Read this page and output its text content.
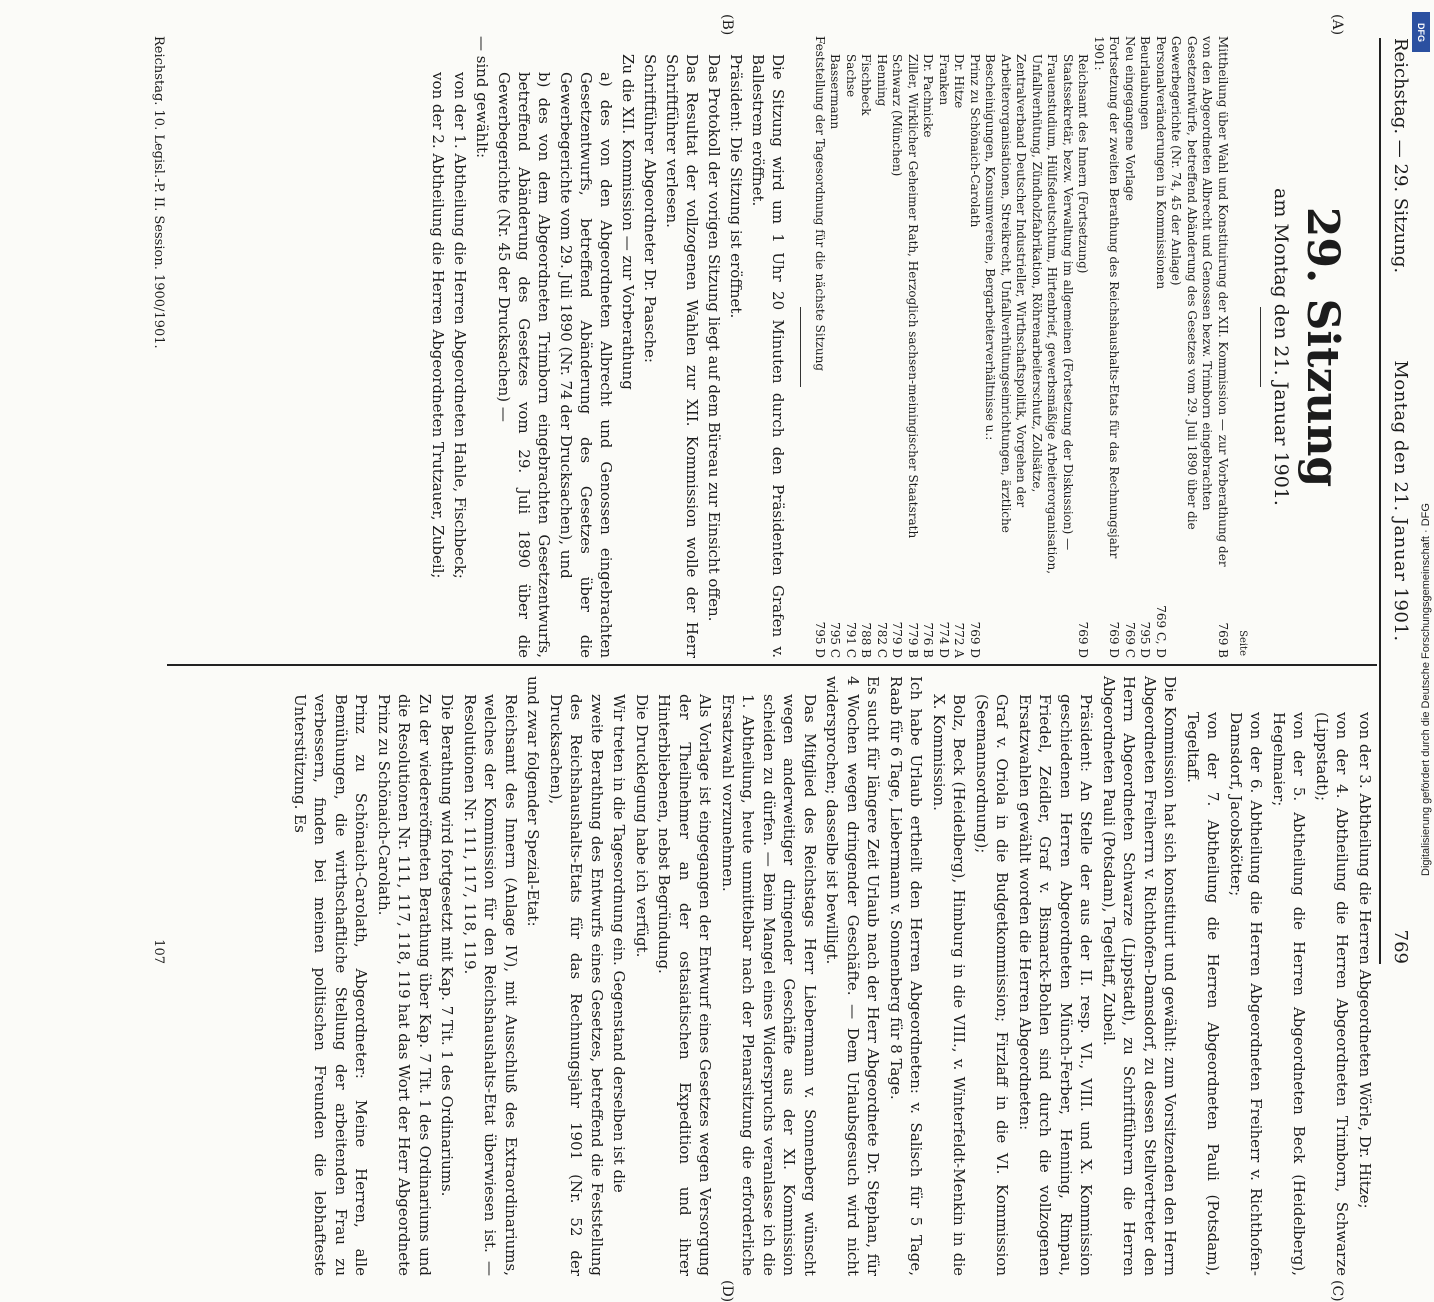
Reichstag. — 29. Sitzung.
Montag den 21. Januar 1901.
769
(A)
(B)
(C)
(D)
29. Sitzung
am Montag den 21. Januar 1901.
Seite
Mittheilung über Wahl und Konstituirung der XII. Kommission — zur Vorberathung der von den Abgeordneten Albrecht und Genossen bezw. Trimborn eingebrachten Gesetzentwürfe, betreffend Abänderung des Gesetzes vom 29. Juli 1890 über die Gewerbegerichte (Nr. 74, 45 der Anlage)
769 B
Personalveränderungen in Kommissionen
769 C, D
Beurlaubungen
795 D
Neu eingegangene Vorlage
769 C
Fortsetzung der zweiten Berathung des Reichshaushalts-Etats für das Rechnungsjahr 1901:
769 D
Reichsamt des Innern (Fortsetzung)
769 D
Staatssekretär, bezw. Verwaltung im allgemeinen (Fortsetzung der Diskussion) — Frauenstudium, Hülfsdeutschtum, Hirtenbrief, gewerbsmäßige Arbeiterorganisation, Unfallverhütung, Zündholzfabrikation, Röhrenarbeiterschutz, Zollsätze, Zentralverband Deutscher Industrieller, Wirthschaftspolitik, Vorgehen der Arbeiterorganisationen, Streikrecht, Unfallverhütungseinrichtungen, ärztliche Bescheinigungen, Konsumvereine, Bergarbeiterverhältnisse u.:
Prinz zu Schönaich-Carolath
769 D
Dr. Hitze
772 A
Franken
774 D
Dr. Pachnicke
776 B
Ziller, Wirklicher Geheimer Rath, Herzoglich sachsen-meiningischer Staatsrath
779 B
Schwarz (München)
779 D
Henning
782 C
Fischbeck
788 B
Sachse
791 C
Bassermann
795 C
Feststellung der Tagesordnung für die nächste Sitzung
795 D

Die Sitzung wird um 1 Uhr 20 Minuten durch den Präsidenten Grafen v. Ballestrem eröffnet.

Präsident: Die Sitzung ist eröffnet.

Das Protokoll der vorigen Sitzung liegt auf dem Büreau zur Einsicht offen.

Das Resultat der vollzogenen Wahlen zur XII. Kommission wolle der Herr Schriftführer verlesen.

Schriftführer Abgeordneter Dr. Paasche:

Zu die XII. Kommission — zur Vorberathung

a) des von den Abgeordneten Albrecht und Genossen eingebrachten Gesetzentwurfs, betreffend Abänderung des Gesetzes über die Gewerbegerichte vom 29. Juli 1890 (Nr. 74 der Drucksachen), und

b) des von dem Abgeordneten Trimborn eingebrachten Gesetzentwurfs, betreffend Abänderung des Gesetzes vom 29. Juli 1890 über die Gewerbegerichte (Nr. 45 der Drucksachen) —

— sind gewählt:

von der 1. Abtheilung die Herren Abgeordneten Hahle, Fischbeck;

von der 2. Abtheilung die Herren Abgeordneten Trutzauer, Zubeil;

von der 3. Abtheilung die Herren Abgeordneten Wörle, Dr. Hitze;

von der 4. Abtheilung die Herren Abgeordneten Trimborn, Schwarze (Lippstadt);

von der 5. Abtheilung die Herren Abgeordneten Beck (Heidelberg), Hegelmaier;

von der 6. Abtheilung die Herren Abgeordneten Freiherr v. Richthofen-Damsdorf, Jacobskötter;

von der 7. Abtheilung die Herren Abgeordneten Pauli (Potsdam), Tegeltaff.

Die Kommission hat sich konstituirt und gewählt: zum Vorsitzenden den Herrn Abgeordneten Freiherrn v. Richthofen-Damsdorf, zu dessen Stellvertreter den Herrn Abgeordneten Schwarze (Lippstadt), zu Schriftführern die Herren Abgeordneten Pauli (Potsdam), Tegeltaff, Zubeil.

Präsident: An Stelle der aus der II. resp. VI., VIII. und X. Kommission geschiedenen Herren Abgeordneten Münch-Ferber, Henning, Rimpau, Friedel, Zeidler, Graf v. Bismarck-Bohlen sind durch die vollzogenen Ersatzwahlen gewählt worden die Herren Abgeordneten:

Graf v. Oriola in die Budgetkommission; Firzlaff in die VI. Kommission (Seemannsordnung);

Bolz, Beck (Heidelberg), Himburg in die VIII., v. Winterfeldt-Menkin in die X. Kommission.

Ich habe Urlaub ertheilt den Herren Abgeordneten: v. Salisch für 5 Tage, Raab für 6 Tage, Liebermann v. Sonnenberg für 8 Tage.

Es sucht für längere Zeit Urlaub nach der Herr Abgeordnete Dr. Stephan, für 4 Wochen wegen dringender Geschäfte. — Dem Urlaubsgesuch wird nicht widersprochen; dasselbe ist bewilligt.

Das Mitglied des Reichstags Herr Liebermann v. Sonnenberg wünscht wegen anderweitiger dringender Geschäfte aus der XI. Kommission scheiden zu dürfen. — Beim Mangel eines Widerspruchs veranlasse ich die 1. Abtheilung, heute unmittelbar nach der Plenarsitzung die erforderliche Ersatzwahl vorzunehmen.

Als Vorlage ist eingegangen der Entwurf eines Gesetzes wegen Versorgung der Theilnehmer an der ostasiatischen Expedition und ihrer Hinterbliebenen, nebst Begründung.

Die Drucklegung habe ich verfügt.

Wir treten in die Tagesordnung ein. Gegenstand derselben ist die

zweite Berathung des Entwurfs eines Gesetzes, betreffend die Feststellung des Reichshaushalts-Etats für das Rechnungsjahr 1901 (Nr. 52 der Drucksachen),

und zwar folgender Spezial-Etat:

Reichsamt des Innern (Anlage IV), mit Ausschluß des Extraordinariums, welches der Kommission für den Reichshaushalts-Etat überwiesen ist. — Resolutionen Nr. 111, 117, 118, 119.

Die Berathung wird fortgesetzt mit Kap. 7 Tit. 1 des Ordinariums.

Zu der wiedereröffneten Berathung über Kap. 7 Tit. 1 des Ordinariums und die Resolutionen Nr. 111, 117, 118, 119 hat das Wort der Herr Abgeordnete Prinz zu Schönaich-Carolath.

Prinz zu Schönaich-Carolath, Abgeordneter: Meine Herren, alle Bemühungen, die wirthschaftliche Stellung der arbeitenden Frau zu verbessern, finden bei meinen politischen Freunden die lebhafteste Unterstützung. Es

Reichstag. 10. Legisl.-P. II. Session. 1900/1901.
107
DFG
Digitalisierung gefördert durch die Deutsche Forschungsgemeinschaft · DFG
